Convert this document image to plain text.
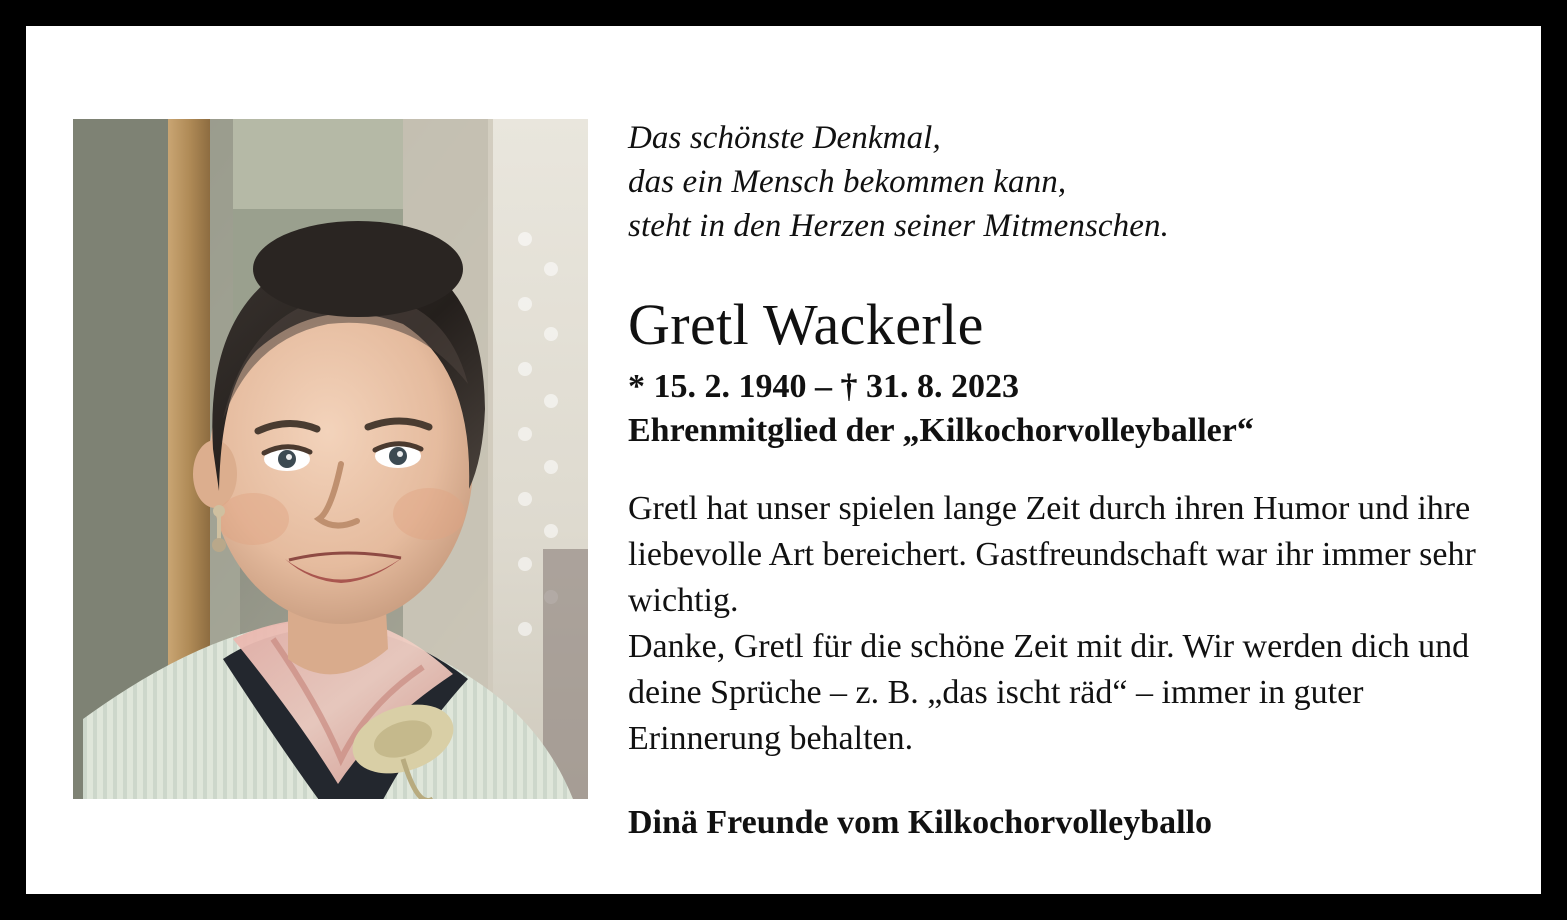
Das schönste Denkmal,
das ein Mensch bekommen kann,
steht in den Herzen seiner Mitmenschen.
Gretl Wackerle
* 15. 2. 1940 – † 31. 8. 2023
Ehrenmitglied der „Kilkochorvolleyballer“

Gretl hat unser spielen lange Zeit durch ihren Humor und ihre liebevolle Art bereichert. Gastfreundschaft war ihr immer sehr wichtig.

Danke, Gretl für die schöne Zeit mit dir. Wir werden dich und deine Sprüche – z. B. „das ischt räd“ – immer in guter Erinnerung behalten.

Dinä Freunde vom Kilkochorvolleyballo
